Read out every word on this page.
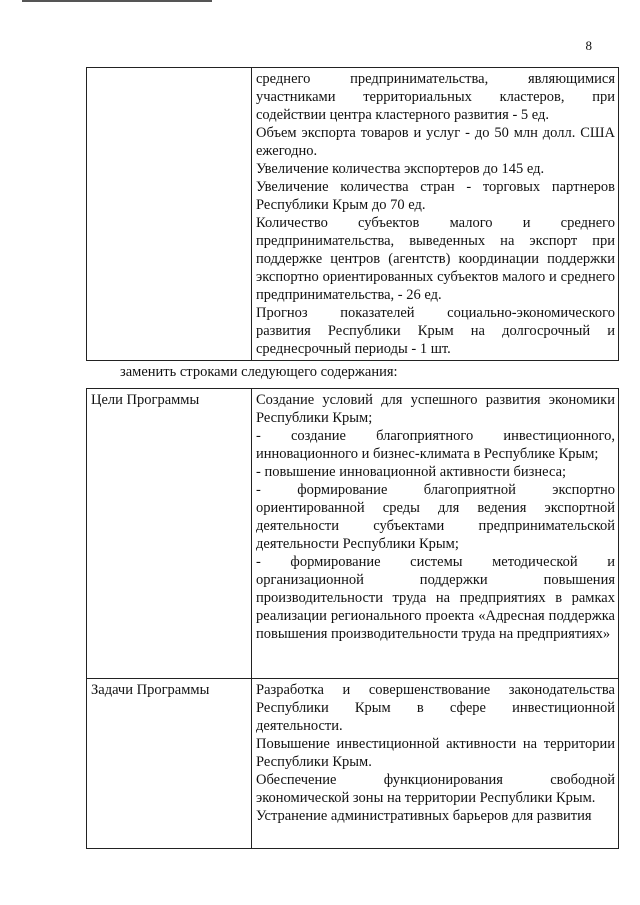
8

среднего предпринимательства, являющимися участниками территориальных кластеров, при содействии центра кластерного развития - 5 ед.

Объем экспорта товаров и услуг - до 50 млн долл. США ежегодно.

Увеличение количества экспортеров до 145 ед.

Увеличение количества стран - торговых партнеров Республики Крым до 70 ед.

Количество субъектов малого и среднего предпринимательства, выведенных на экспорт при поддержке центров (агентств) координации поддержки экспортно ориентированных субъектов малого и среднего предпринимательства, - 26 ед.

Прогноз показателей социально-экономического развития Республики Крым на долгосрочный и среднесрочный периоды - 1 шт.

заменить строками следующего содержания:
Цели Программы	Создание условий для успешного развития экономики Республики Крым;

- создание благоприятного инвестиционного, инновационного и бизнес-климата в Республике Крым;

- повышение инновационной активности бизнеса;

- формирование благоприятной экспортно ориентированной среды для ведения экспортной деятельности субъектами предпринимательской деятельности Республики Крым;

- формирование системы методической и организационной поддержки повышения производительности труда на предприятиях в рамках реализации регионального проекта «Адресная поддержка повышения производительности труда на предприятиях»

Задачи Программы	Разработка и совершенствование законодательства Республики Крым в сфере инвестиционной деятельности.

Повышение инвестиционной активности на территории Республики Крым.

Обеспечение функционирования свободной экономической зоны на территории Республики Крым.

Устранение административных барьеров для развития
